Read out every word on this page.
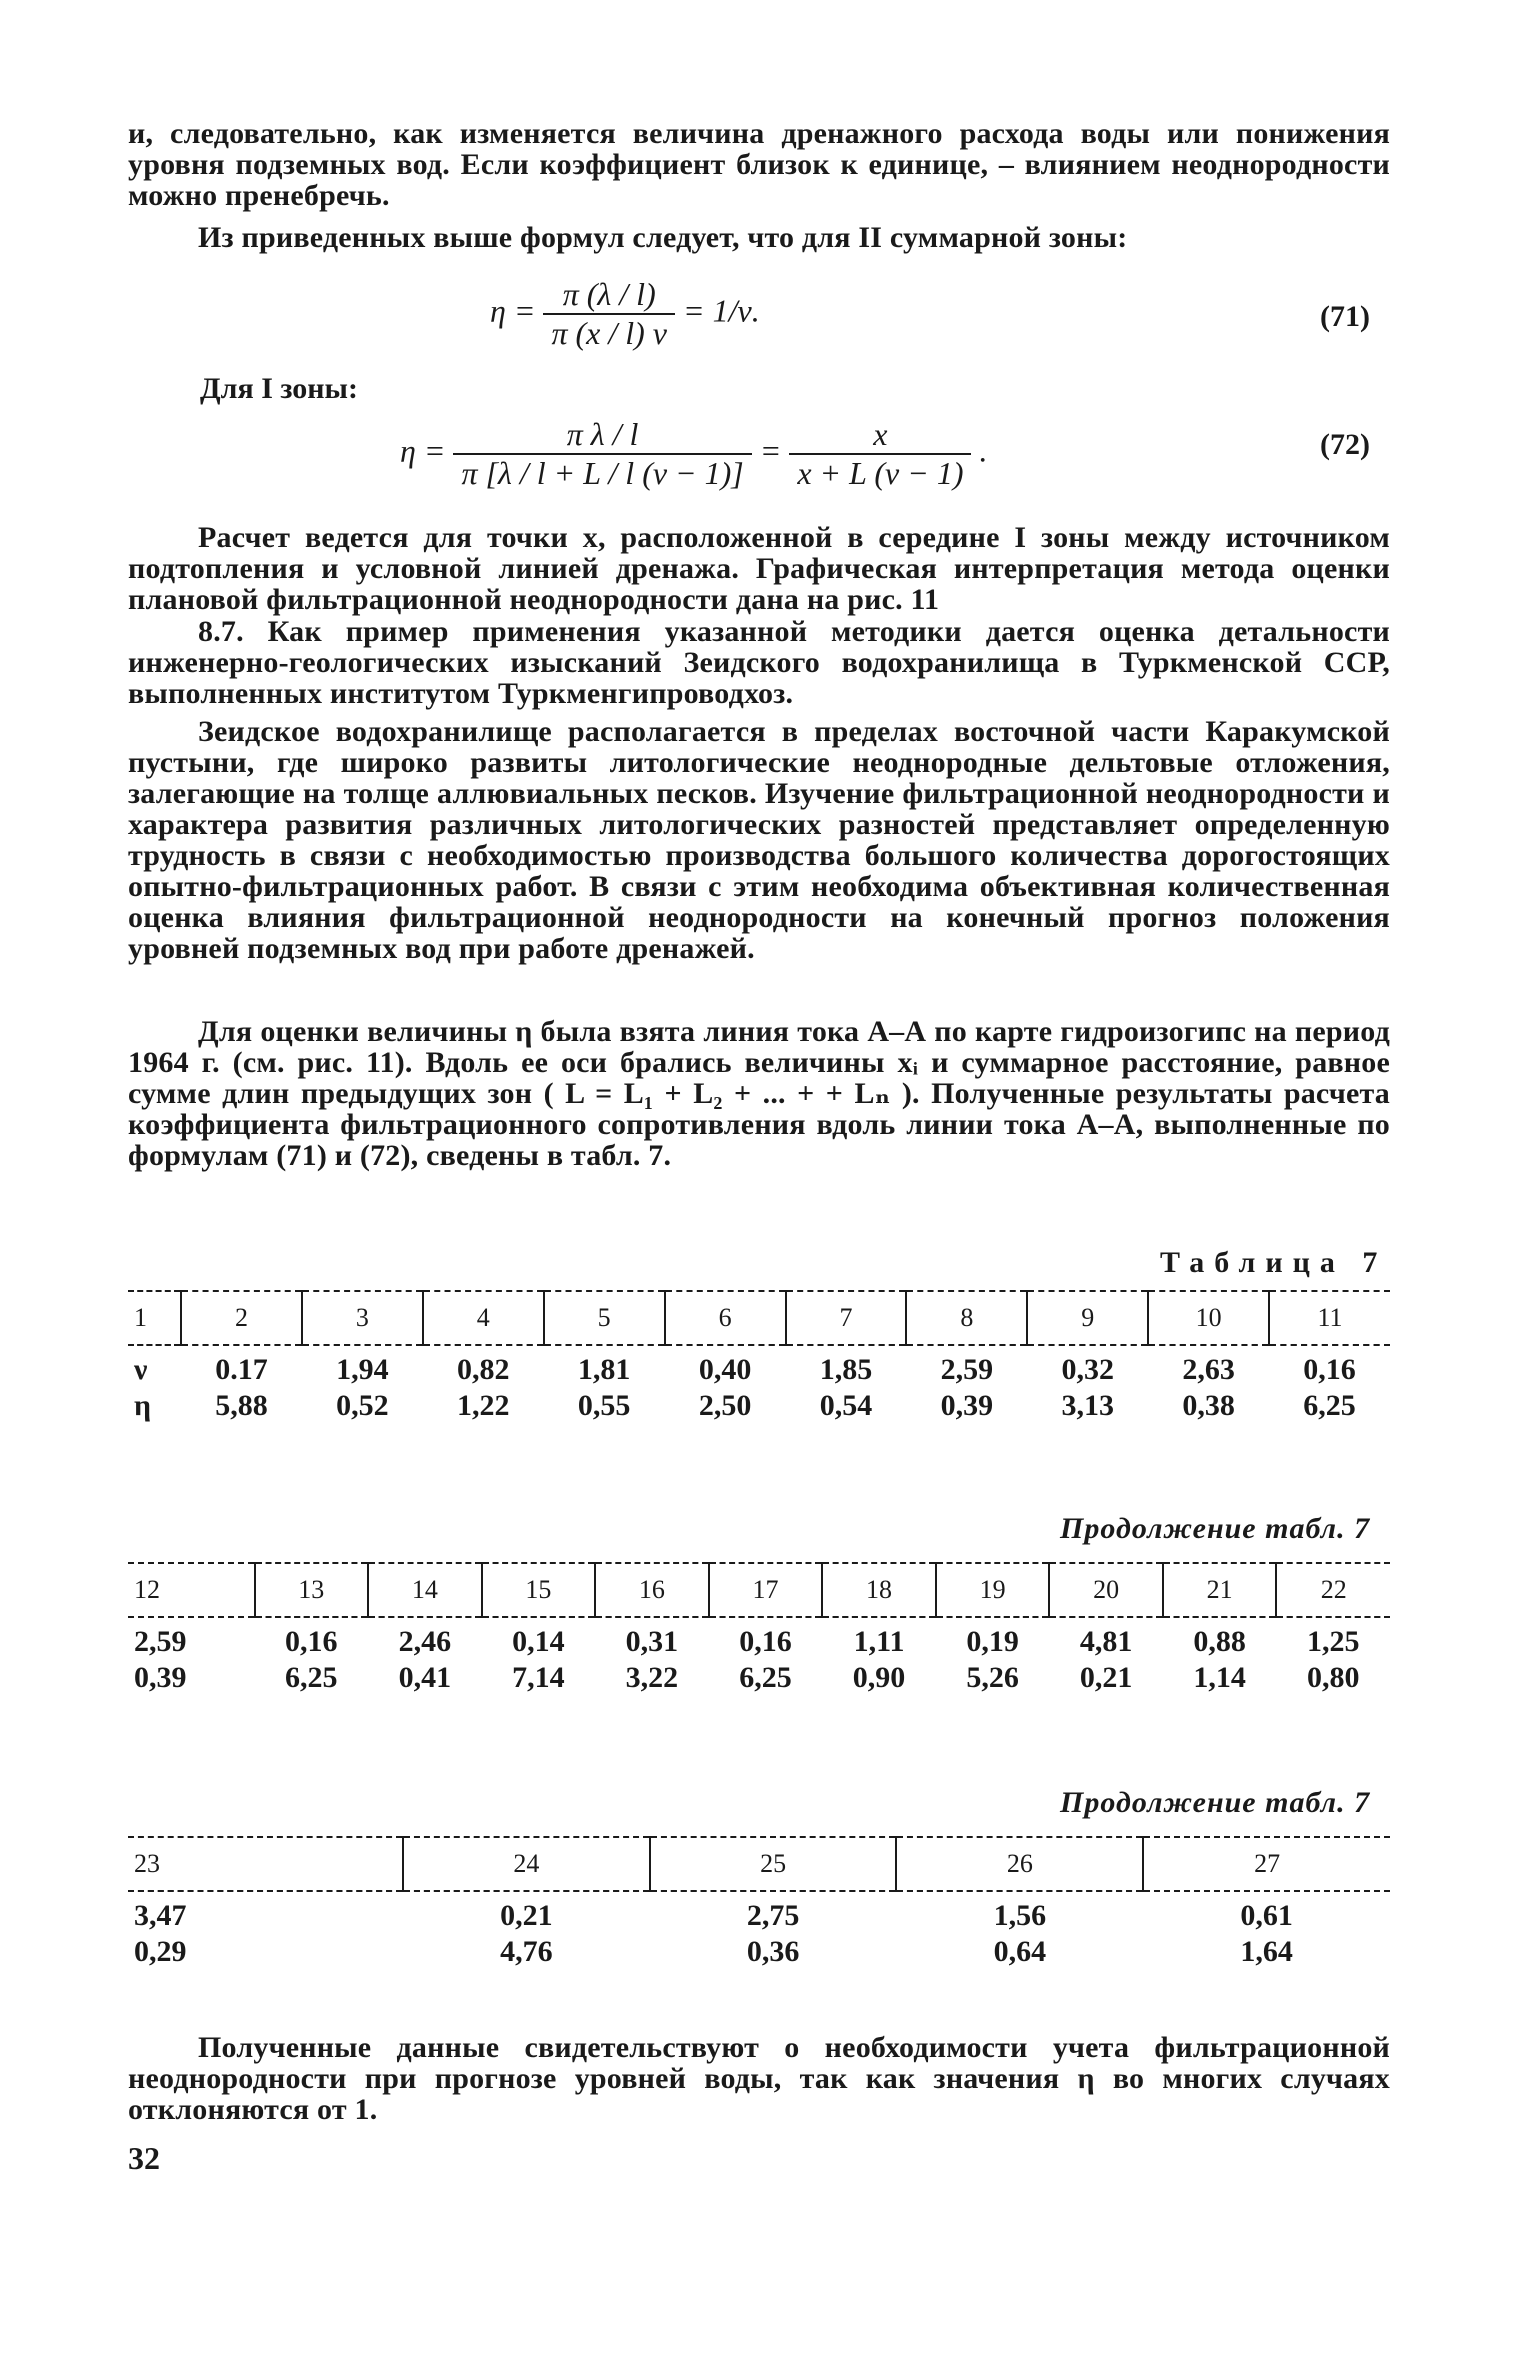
и, следовательно, как изменяется величина дренажного расхода воды или понижения уровня подземных вод. Если коэффициент близок к единице, – влиянием неоднородности можно пренебречь.
Из приведенных выше формул следует, что для II суммарной зоны:
$\eta = \frac{\pi (\lambda / l)}{\pi (x / l) \nu} = 1/\nu$.	(71)
Для I зоны:
$\eta = \frac{\text{π λ / l}}{\pi [\lambda / l + L / l (\nu - 1)]} = \frac{x}{x + L (\nu - 1)}$ .	(72)
Расчет ведется для точки x, расположенной в середине I зоны между источником подтопления и условной линией дренажа. Графическая интерпретация метода оценки плановой фильтрационной неоднородности дана на рис. 11
8.7. Как пример применения указанной методики дается оценка детальности инженерно-геологических изысканий Зеидского водохранилища в Туркменской ССР, выполненных институтом Туркменгипроводхоз.
Зеидское водохранилище располагается в пределах восточной части Каракумской пустыни, где широко развиты литологические неоднородные дельтовые отложения, залегающие на толще аллювиальных песков. Изучение фильтрационной неоднородности и характера развития различных литологических разностей представляет определенную трудность в связи с необходимостью производства большого количества дорогостоящих опытно-фильтрационных работ. В связи с этим необходима объективная количественная оценка влияния фильтрационной неоднородности на конечный прогноз положения уровней подземных вод при работе дренажей.
Для оценки величины η была взята линия тока А–А по карте гидроизогипс на период 1964 г. (см. рис. 11). Вдоль ее оси брались величины xᵢ и суммарное расстояние, равное сумме длин предыдущих зон ( L = L₁ + L₂ + ... + + Lₙ ). Полученные результаты расчета коэффициента фильтрационного сопротивления вдоль линии тока А–А, выполненные по формулам (71) и (72), сведены в табл. 7.
Таблица 7
1	2	3	4	5	6	7	8	9	10	11
ν	0.17	1,94	0,82	1,81	0,40	1,85	2,59	0,32	2,63	0,16
η	5,88	0,52	1,22	0,55	2,50	0,54	0,39	3,13	0,38	6,25
Продолжение табл. 7
12	13	14	15	16	17	18	19	20	21	22
2,59	0,16	2,46	0,14	0,31	0,16	1,11	0,19	4,81	0,88	1,25
0,39	6,25	0,41	7,14	3,22	6,25	0,90	5,26	0,21	1,14	0,80
Продолжение табл. 7
23	24	25	26	27
3,47	0,21	2,75	1,56	0,61
0,29	4,76	0,36	0,64	1,64
Полученные данные свидетельствуют о необходимости учета фильтрационной неоднородности при прогнозе уровней воды, так как значения η во многих случаях отклоняются от 1.
32
